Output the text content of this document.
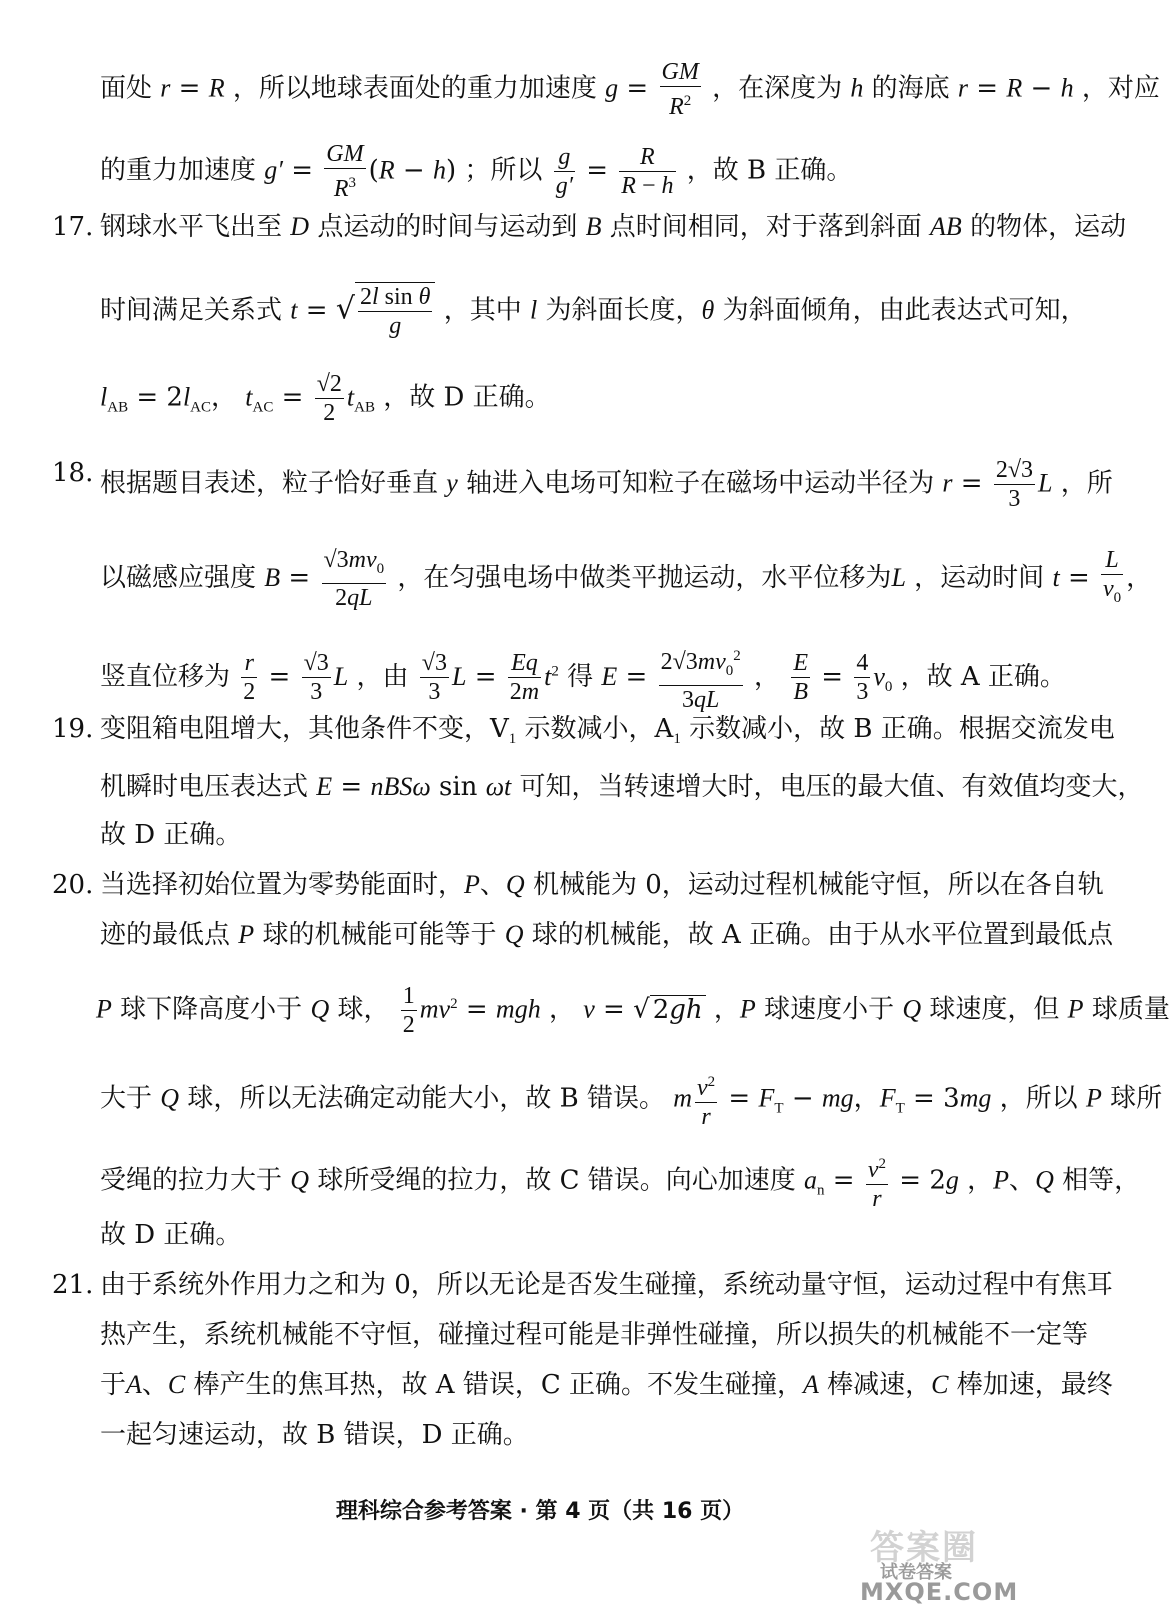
面处 r = R ，所以地球表面处的重力加速度 $g = \frac{GM}{R^2}$ ，在深度为 h 的海底 r = R − h ，对应
的重力加速度 $g' = \frac{GM}{R^3} (R - h)$ ；所以 $\frac{g}{g'} = \frac{R}{R - h}$ ，故 B 正确。
17. 钢球水平飞出至 D 点运动的时间与运动到 B 点时间相同，对于落到斜面 AB 的物体，运动
时间满足关系式 t = √ $\frac{\text{2l sin θ}}{g}$ ，其中 l 为斜面长度，θ 为斜面倾角，由此表达式可知，
$l_{AB} = 2l_{AC}$， $t_{AC} = \frac{√2}{2} t_{AB}$ ，故 D 正确。
18. 根据题目表述，粒子恰好垂直 y 轴进入电场可知粒子在磁场中运动半径为 $r = \frac{2√3}{3}$ L ，所
以磁感应强度 $B = \frac{√3mv_0}{2qL}$ ，在匀强电场中做类平抛运动，水平位移为L ，运动时间 $t = \frac{L}{v_0}$ ，
竖直位移为 $\frac{r}{2} = \frac{√3}{3}$ L ，由 $\frac{√3}{3}$ $L = \frac{Eq}{2m} t^2$ 得 $E = \frac{2√3mv_0^2}{3qL}$ ， $\frac{E}{B} = \frac{4}{3} v_0$ ，故 A 正确。
19. 变阻箱电阻增大，其他条件不变，$V_1$ 示数减小，$A_1$ 示数减小，故 B 正确。根据交流发电
机瞬时电压表达式 E = nBSω sin ωt 可知，当转速增大时，电压的最大值、有效值均变大，
故 D 正确。
20. 当选择初始位置为零势能面时，P、Q 机械能为 0，运动过程机械能守恒，所以在各自轨
迹的最低点 P 球的机械能可能等于 Q 球的机械能，故 A 正确。由于从水平位置到最低点
P 球下降高度小于 Q 球， $\frac{1}{2} mv^2$ = mgh ， v = √ 2gh ，P 球速度小于 Q 球速度，但 P 球质量
大于 Q 球，所以无法确定动能大小，故 B 错误。 m $\frac{v^2}{r} = F_T$ − mg，$F_T = 3mg$ ，所以 P 球所
受绳的拉力大于 Q 球所受绳的拉力，故 C 错误。向心加速度 $a_n = \frac{v^2}{r} = 2g$ ，P、Q 相等，
故 D 正确。
21. 由于系统外作用力之和为 0，所以无论是否发生碰撞，系统动量守恒，运动过程中有焦耳
热产生，系统机械能不守恒，碰撞过程可能是非弹性碰撞，所以损失的机械能不一定等
于A、C 棒产生的焦耳热，故 A 错误，C 正确。不发生碰撞，A 棒减速，C 棒加速，最终
一起匀速运动，故 B 错误，D 正确。
理科综合参考答案 · 第 4 页（共 16 页）
答案圈
试卷答案
MXQE.COM
